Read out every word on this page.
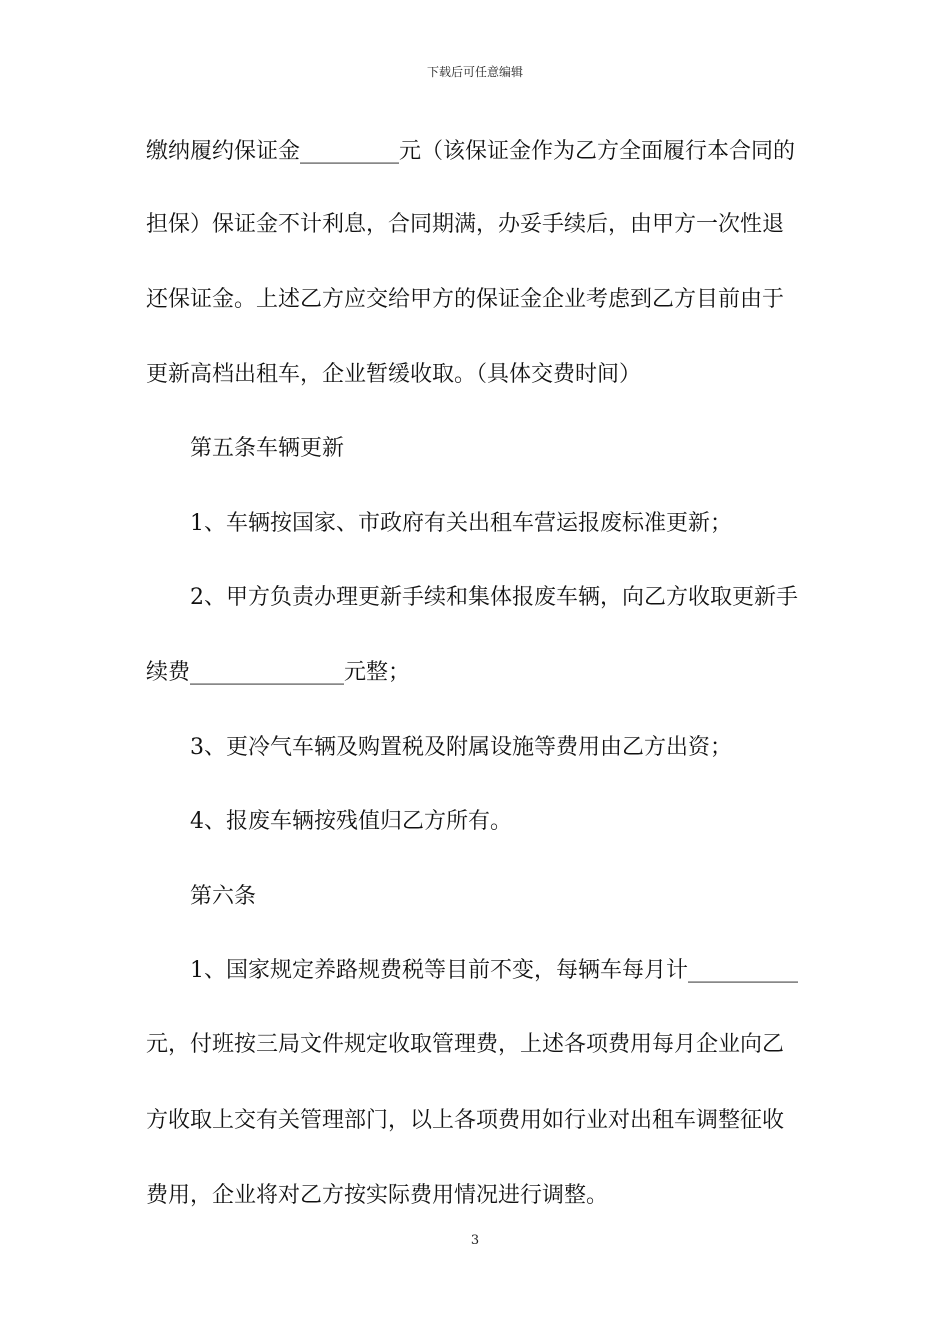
下载后可任意编辑
缴纳履约保证金_________元（该保证金作为乙方全面履行本合同的
担保）保证金不计利息，合同期满，办妥手续后，由甲方一次性退
还保证金。上述乙方应交给甲方的保证金企业考虑到乙方目前由于
更新高档出租车，企业暂缓收取。（具体交费时间）
第五条车辆更新
1、车辆按国家、市政府有关出租车营运报废标准更新；
2、甲方负责办理更新手续和集体报废车辆，向乙方收取更新手
续费______________元整；
3、更冷气车辆及购置税及附属设施等费用由乙方出资；
4、报废车辆按残值归乙方所有。
第六条
1、国家规定养路规费税等目前不变，每辆车每月计__________
元，付班按三局文件规定收取管理费，上述各项费用每月企业向乙
方收取上交有关管理部门，以上各项费用如行业对出租车调整征收
费用，企业将对乙方按实际费用情况进行调整。
3
